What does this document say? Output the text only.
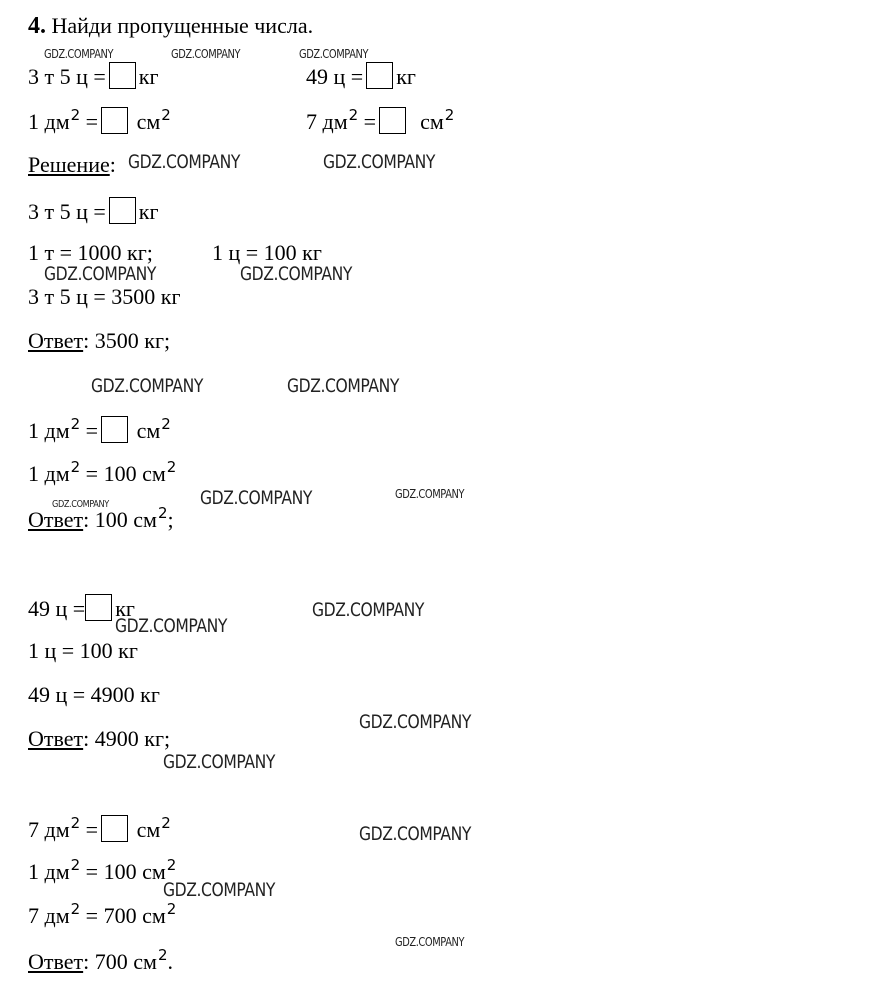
4. Найди пропущенные числа.
3 т 5 ц = кг	49 ц = кг
1 $дм^2 = см^2$	7 $дм^2 = см^2$
Решение:
3 т 5 ц = кг
1 т = 1000 кг;	1 ц = 100 кг
3 т 5 ц = 3500 кг
Ответ: 3500 кг;
1 $дм^2 = см^2$
1 $дм^2 = 100$ $см^2$
Ответ: 100 $см^2$;
49 ц = кг
1 ц = 100 кг
49 ц = 4900 кг
Ответ: 4900 кг;
7 $дм^2 = см^2$
1 $дм^2 = 100$ $см^2$
7 $дм^2 = 700$ $см^2$
Ответ: 700 $см^2$.
GDZ.COMPANY	GDZ.COMPANY	GDZ.COMPANY
GDZ.COMPANY	GDZ.COMPANY
GDZ.COMPANY	GDZ.COMPANY
GDZ.COMPANY	GDZ.COMPANY
GDZ.COMPANY	GDZ.COMPANY	GDZ.COMPANY
GDZ.COMPANY
GDZ.COMPANY
GDZ.COMPANY
GDZ.COMPANY
GDZ.COMPANY
GDZ.COMPANY
GDZ.COMPANY
